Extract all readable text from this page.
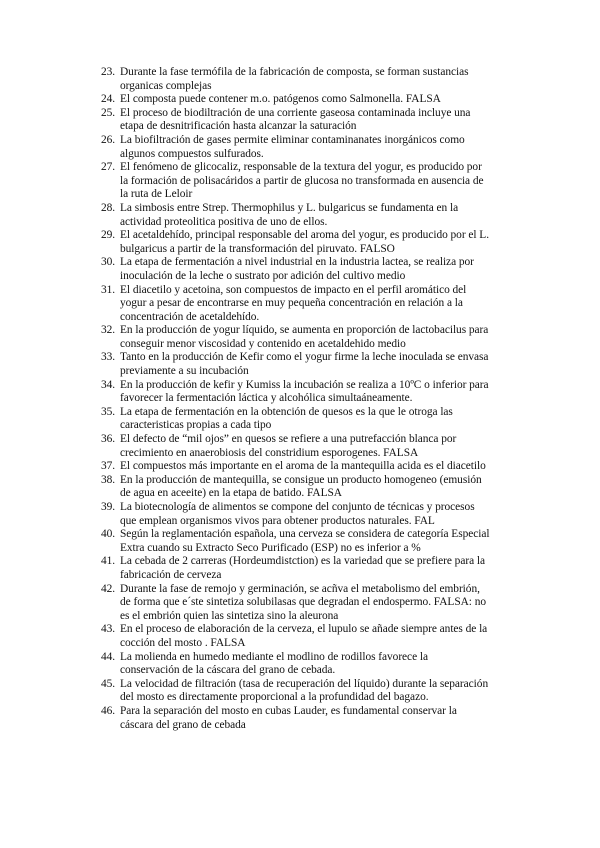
23. Durante la fase termófila de la fabricación de composta, se forman sustancias organicas complejas
24. El composta puede contener m.o. patógenos como Salmonella. FALSA
25. El proceso de biodiltración de una corriente gaseosa contaminada incluye una etapa de desnitrificación hasta alcanzar la saturación
26. La biofiltración de gases permite eliminar contaminanates inorgánicos como algunos compuestos sulfurados.
27. El fenómeno de glicocaliz, responsable de la textura del yogur, es producido por la formación de polisacáridos a partir de glucosa no transformada en ausencia de la ruta de Leloir
28. La simbosis entre Strep. Thermophilus y L. bulgaricus se fundamenta en la actividad proteolitica positiva de uno de ellos.
29. El acetaldehído, principal responsable del aroma del yogur, es producido por el L. bulgaricus a partir de la transformación del piruvato. FALSO
30. La etapa de fermentación a nivel industrial en la industria lactea, se realiza por inoculación de la leche o sustrato por adición del cultivo medio
31. El diacetilo y acetoina, son compuestos de impacto en el perfil aromático del yogur a pesar de encontrarse en muy pequeña concentración en relación a la concentración de acetaldehído.
32. En la producción de yogur líquido, se aumenta en proporción de lactobacilus para conseguir menor viscosidad y contenido en acetaldehido medio
33. Tanto en la producción de Kefir como el yogur firme la leche inoculada se envasa previamente a su incubación
34. En la producción de kefir y Kumiss la incubación se realiza a 10ºC o inferior para favorecer la fermentación láctica y alcohólica simultaáneamente.
35. La etapa de fermentación en la obtención de quesos es la que le otroga las caracteristicas propias a cada tipo
36. El defecto de “mil ojos” en quesos se refiere a una putrefacción blanca por crecimiento en anaerobiosis del constridium esporogenes. FALSA
37. El compuestos más importante en el aroma de la mantequilla acida es el diacetilo
38. En la producción de mantequilla, se consigue un producto homogeneo (emusión de agua en aceeite) en la etapa de batido. FALSA
39. La biotecnología de alimentos se compone del conjunto de técnicas y procesos que emplean organismos vivos para obtener productos naturales. FAL
40. Según la reglamentación española, una cerveza se considera de categoría Especial Extra cuando su Extracto Seco Purificado (ESP) no es inferior a %
41. La cebada de 2 carreras (Hordeumdistction) es la variedad que se prefiere para la fabricación de cerveza
42. Durante la fase de remojo y germinación, se acñva el metabolismo del embrión, de forma que e´ste sintetiza solubilasas que degradan el endospermo. FALSA: no es el embrión quien las sintetiza sino la aleurona
43. En el proceso de elaboración de la cerveza, el lupulo se añade siempre antes de la cocción del mosto . FALSA
44. La molienda en humedo mediante el modlino de rodillos favorece la conservación de la cáscara del grano de cebada.
45. La velocidad de filtración (tasa de recuperación del líquido) durante la separación del mosto es directamente proporcional a la profundidad del bagazo.
46. Para la separación del mosto en cubas Lauder, es fundamental conservar la cáscara del grano de cebada
